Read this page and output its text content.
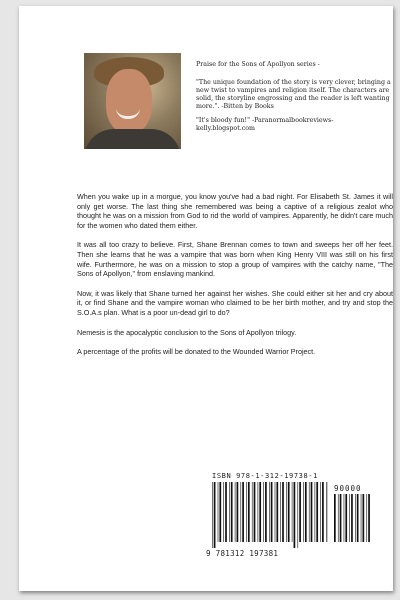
Praise for the Sons of Apollyon series -

"The unique foundation of the story is very clever, bringing a new twist to vampires and religion itself. The characters are solid, the storyline engrossing and the reader is left wanting more.". -Bitten by Books

"It's bloody fun!" -Paranormalbookreviews-kelly.blogspot.com

When you wake up in a morgue, you know you've had a bad night. For Elisabeth St. James it will only get worse. The last thing she remembered was being a captive of a religious zealot who thought he was on a mission from God to rid the world of vampires. Apparently, he didn't care much for the women who dated them either.

It was all too crazy to believe. First, Shane Brennan comes to town and sweeps her off her feet. Then she learns that he was a vampire that was born when King Henry VIII was still on his first wife. Furthermore, he was on a mission to stop a group of vampires with the catchy name, "The Sons of Apollyon," from enslaving mankind.

Now, it was likely that Shane turned her against her wishes. She could either sit her and cry about it, or find Shane and the vampire woman who claimed to be her birth mother, and try and stop the S.O.A.s plan. What is a poor un-dead girl to do?

Nemesis is the apocalyptic conclusion to the Sons of Apollyon trilogy.

A percentage of the profits will be donated to the Wounded Warrior Project.

ISBN 978-1-312-19738-1
90000
9 781312 197381
